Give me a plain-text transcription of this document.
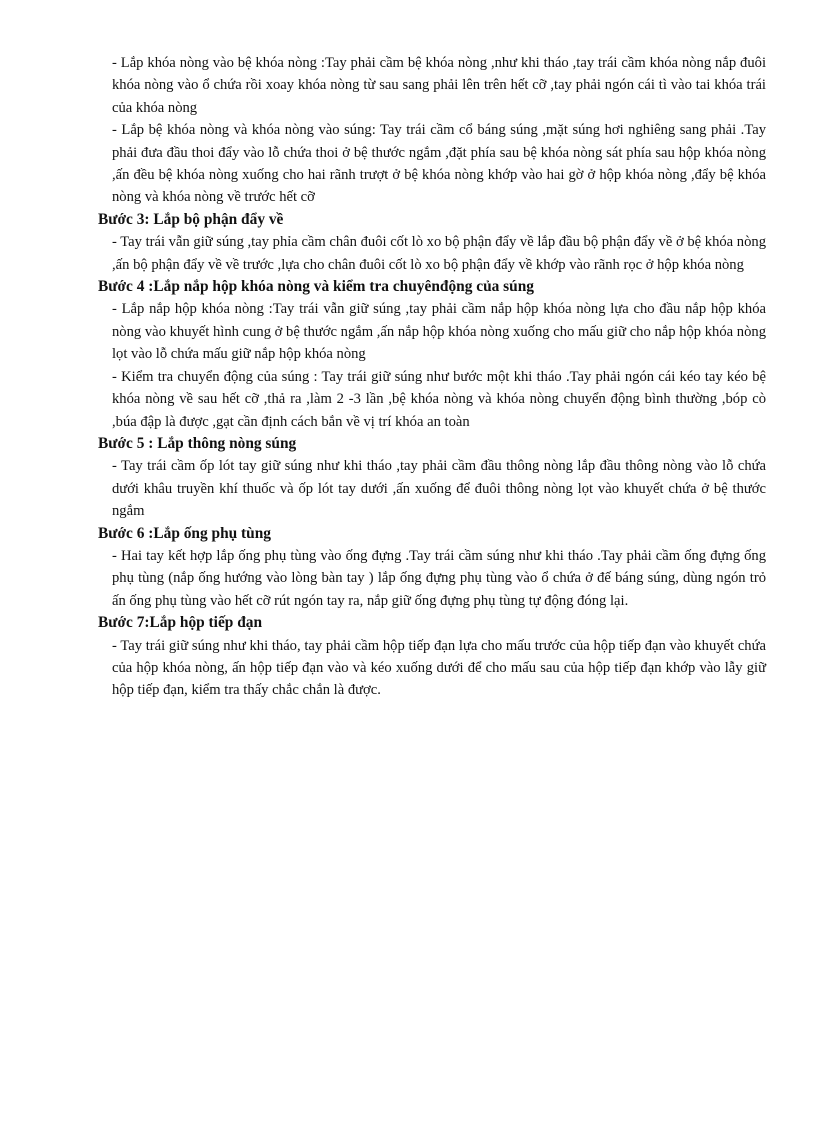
- Lắp khóa nòng vào bệ khóa nòng :Tay phải cầm bệ khóa nòng ,như khi tháo ,tay trái cầm khóa nòng nắp đuôi khóa nòng vào ổ chứa rồi xoay khóa nòng từ sau sang phải lên trên hết cỡ ,tay phải ngón cái tì vào tai khóa trái của khóa nòng

- Lắp bệ khóa nòng và khóa nòng vào súng: Tay trái cầm cổ báng súng ,mặt súng hơi nghiêng sang phải .Tay phải đưa đầu thoi đẩy vào lỗ chứa thoi ở bệ thước ngắm ,đặt phía sau bệ khóa nòng sát phía sau hộp khóa nòng ,ấn đều bệ khóa nòng xuống cho hai rãnh trượt ở bệ khóa nòng khớp vào hai gờ ở hộp khóa nòng ,đẩy bệ khóa nòng và khóa nòng về trước hết cỡ

Bước 3: Lắp bộ phận đẩy về

- Tay trái vẫn giữ súng ,tay phỉa cầm chân đuôi cốt lò xo bộ phận đẩy về lắp đầu bộ phận đẩy về ở bệ khóa nòng ,ấn bộ phận đẩy về về trước ,lựa cho chân đuôi cốt lò xo bộ phận đẩy về khớp vào rãnh rọc ở hộp khóa nòng

Bước 4 :Lắp nắp hộp khóa nòng và kiểm tra chuyênđộng của súng

- Lắp nắp hộp khóa nòng :Tay trái vẫn giữ súng ,tay phải cầm nắp hộp khóa nòng lựa cho đầu nắp hộp khóa nòng vào khuyết hình cung ở bệ thước ngắm ,ấn nắp hộp khóa nòng xuống cho mấu giữ cho nắp hộp khóa nòng lọt vào lỗ chứa mấu giữ nắp hộp khóa nòng

- Kiểm tra chuyển động của súng : Tay trái giữ súng như bước một khi tháo .Tay phải ngón cái kéo tay kéo bệ khóa nòng về sau hết cỡ ,thả ra ,làm 2 -3 lần ,bệ khóa nòng và khóa nòng chuyển động bình thường ,bóp cò ,búa đập là được ,gạt cần định cách bắn về vị trí khóa an toàn

Bước 5 : Lắp thông nòng súng

- Tay trái cầm ốp lót tay giữ súng như khi tháo ,tay phải cầm đầu thông nòng lắp đầu thông nòng vào lỗ chứa dưới khâu truyền khí thuốc và ốp lót tay dưới ,ấn xuống để đuôi thông nòng lọt vào khuyết chứa ở bệ thước ngắm

Bước 6 :Lắp ống phụ tùng

- Hai tay kết hợp lắp ống phụ tùng vào ống đựng .Tay trái cầm súng như khi tháo .Tay phải cầm ống đựng ống phụ tùng (nắp ống hướng vào lòng bàn tay ) lắp ống đựng phụ tùng vào ổ chứa ở đế báng súng, dùng ngón trỏ ấn ống phụ tùng vào hết cỡ rút ngón tay ra, nắp giữ ống đựng phụ tùng tự động đóng lại.

Bước 7:Lắp hộp tiếp đạn

- Tay trái giữ súng như khi tháo, tay phải cầm hộp tiếp đạn lựa cho mấu trước của hộp tiếp đạn vào khuyết chứa của hộp khóa nòng, ấn hộp tiếp đạn vào và kéo xuống dưới để cho mấu sau của hộp tiếp đạn khớp vào lẫy giữ hộp tiếp đạn, kiểm tra thấy chắc chắn là được.
